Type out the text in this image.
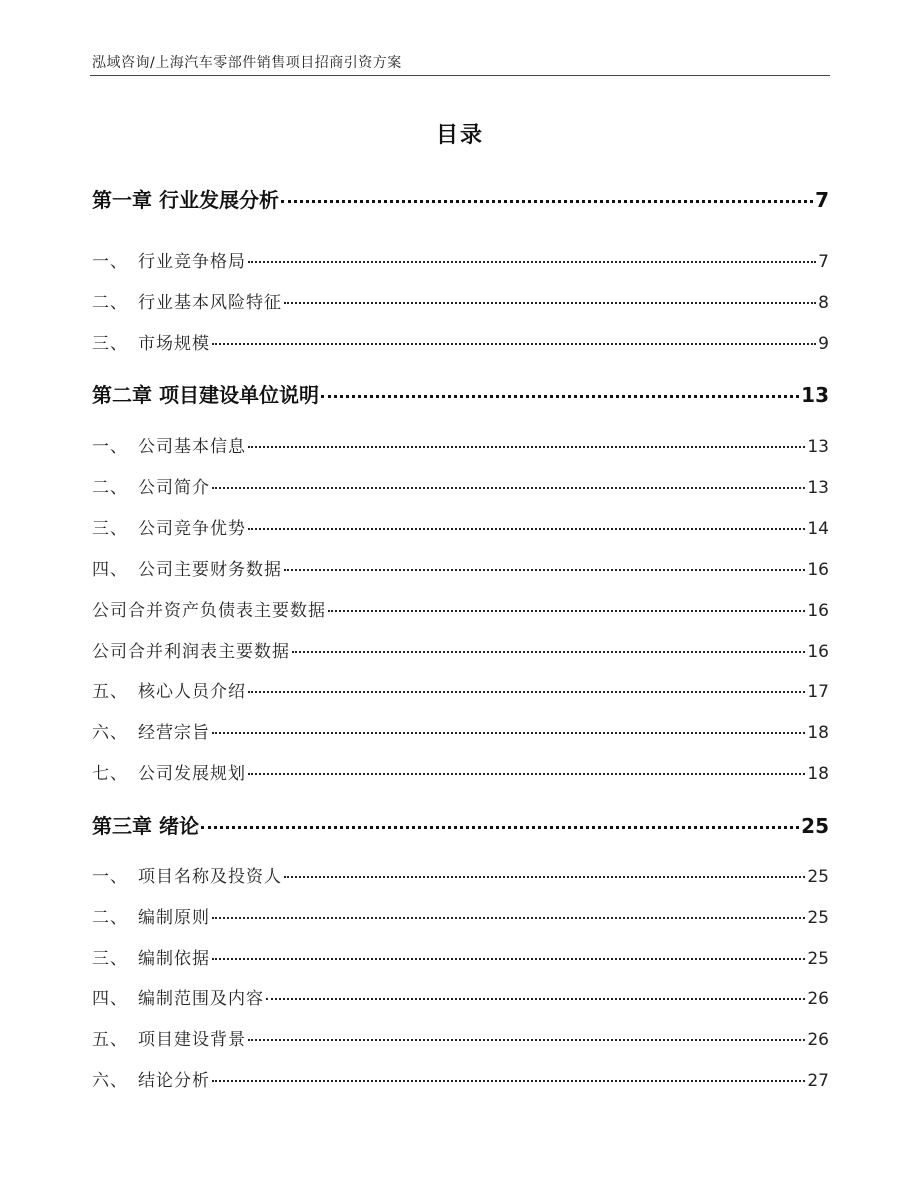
泓域咨询/上海汽车零部件销售项目招商引资方案
目录
第一章 行业发展分析	7
一、 行业竞争格局	7
二、 行业基本风险特征	8
三、 市场规模	9
第二章 项目建设单位说明	13
一、 公司基本信息	13
二、 公司简介	13
三、 公司竞争优势	14
四、 公司主要财务数据	16
公司合并资产负债表主要数据	16
公司合并利润表主要数据	16
五、 核心人员介绍	17
六、 经营宗旨	18
七、 公司发展规划	18
第三章 绪论	25
一、 项目名称及投资人	25
二、 编制原则	25
三、 编制依据	25
四、 编制范围及内容	26
五、 项目建设背景	26
六、 结论分析	27
